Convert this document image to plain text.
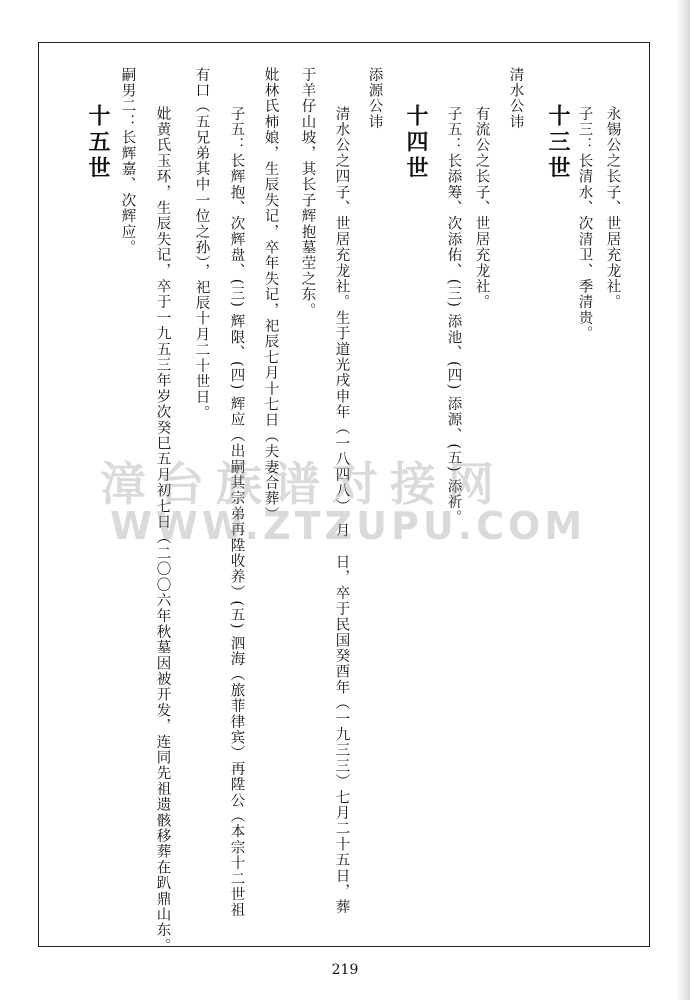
永锡公之长子、世居充龙社。
子三：长清水、次清卫、季清贵。
十三世
清水公讳
有流公之长子、世居充龙社。
子五：长添筹、次添佑、(三) 添池、(四) 添源、(五) 添祈。
十四世
添源公讳
清水公之四子、世居充龙社。生于道光戌申年（一八四八）　月　日，卒于民国癸酉年（一九三三）七月二十五日，葬
于羊仔山坡，其长子辉抱墓茔之东。
妣林氏柿娘，生辰失记，卒年失记，祀辰七月十七日（夫妻合葬）
子五：长辉抱、次辉盘、(三) 辉限、(四) 辉应（出嗣其宗弟再陞收养）(五) 泗海（旅菲律宾）再陞公（本宗十二世祖
有口（五兄弟其中一位之孙），祀辰十月二十世日。
妣黄氏玉环，生辰失记，卒于一九五三年岁次癸巳五月初七日（二〇〇六年秋墓因被开发，连同先祖遗骸移葬在趴鼎山东。
嗣男二：长辉嘉、次辉应。
十五世
漳台族谱对接网
WWW.ZTZUPU.COM
219
